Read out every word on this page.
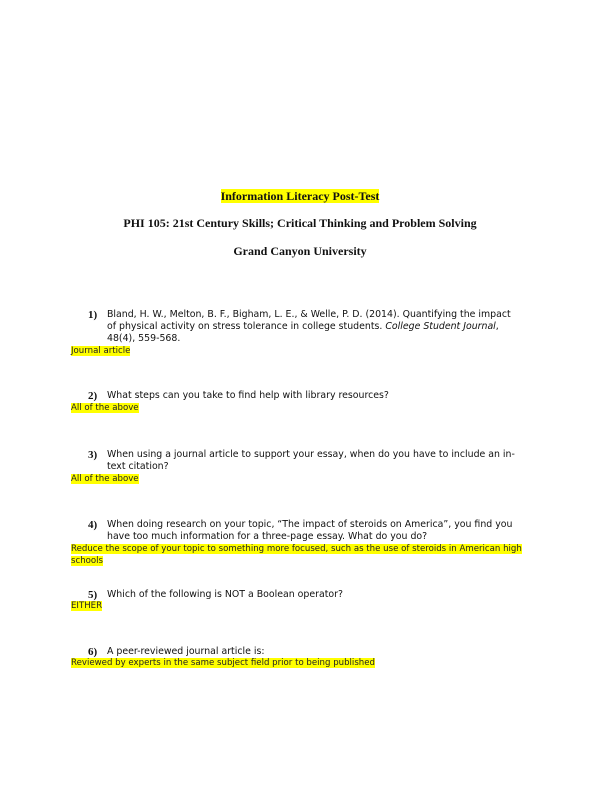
Information Literacy Post-Test
PHI 105: 21st Century Skills; Critical Thinking and Problem Solving
Grand Canyon University
1) Bland, H. W., Melton, B. F., Bigham, L. E., & Welle, P. D. (2014). Quantifying the impact of physical activity on stress tolerance in college students. College Student Journal, 48(4), 559-568.
Journal article
2) What steps can you take to find help with library resources?
All of the above
3) When using a journal article to support your essay, when do you have to include an in-text citation?
All of the above
4) When doing research on your topic, “The impact of steroids on America”, you find you have too much information for a three-page essay. What do you do?
Reduce the scope of your topic to something more focused, such as the use of steroids in American high
schools
5) Which of the following is NOT a Boolean operator?
EITHER
6) A peer-reviewed journal article is:
Reviewed by experts in the same subject field prior to being published
